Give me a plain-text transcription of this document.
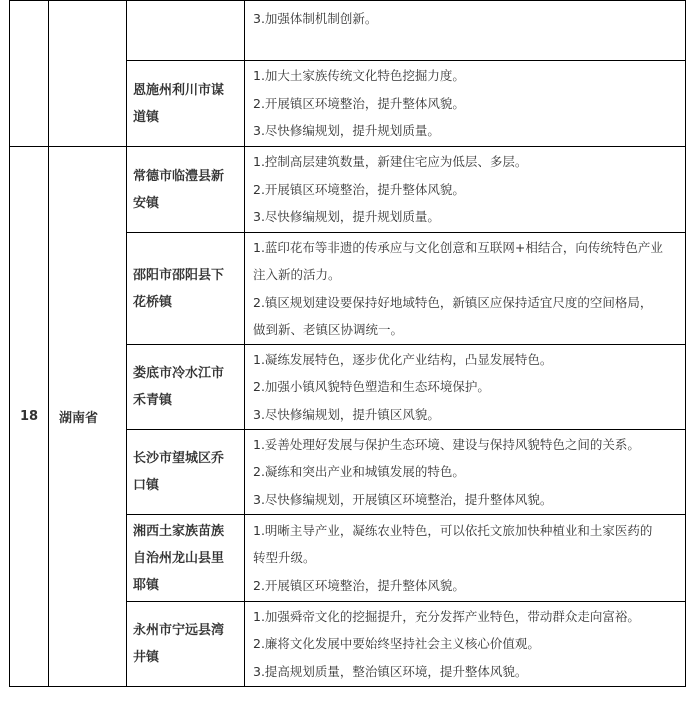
			3.加强体制机制创新。

		恩施州利川市谋
道镇	1.加大土家族传统文化特色挖掘力度。
2.开展镇区环境整治，提升整体风貌。
3.尽快修编规划，提升规划质量。

18	湖南省	常德市临澧县新
安镇	1.控制高层建筑数量，新建住宅应为低层、多层。
2.开展镇区环境整治，提升整体风貌。
3.尽快修编规划，提升规划质量。

		邵阳市邵阳县下
花桥镇	1.蓝印花布等非遗的传承应与文化创意和互联网+相结合，向传统特色产业
注入新的活力。
2.镇区规划建设要保持好地域特色，新镇区应保持适宜尺度的空间格局，
做到新、老镇区协调统一。

		娄底市冷水江市
禾青镇	1.凝练发展特色，逐步优化产业结构，凸显发展特色。
2.加强小镇风貌特色塑造和生态环境保护。
3.尽快修编规划，提升镇区风貌。

		长沙市望城区乔
口镇	1.妥善处理好发展与保护生态环境、建设与保持风貌特色之间的关系。
2.凝练和突出产业和城镇发展的特色。
3.尽快修编规划，开展镇区环境整治，提升整体风貌。

		湘西土家族苗族
自治州龙山县里
耶镇	1.明晰主导产业，凝练农业特色，可以依托文旅加快种植业和土家医药的
转型升级。
2.开展镇区环境整治，提升整体风貌。

		永州市宁远县湾
井镇	1.加强舜帝文化的挖掘提升，充分发挥产业特色，带动群众走向富裕。
2.廉将文化发展中要始终坚持社会主义核心价值观。
3.提高规划质量，整治镇区环境，提升整体风貌。
